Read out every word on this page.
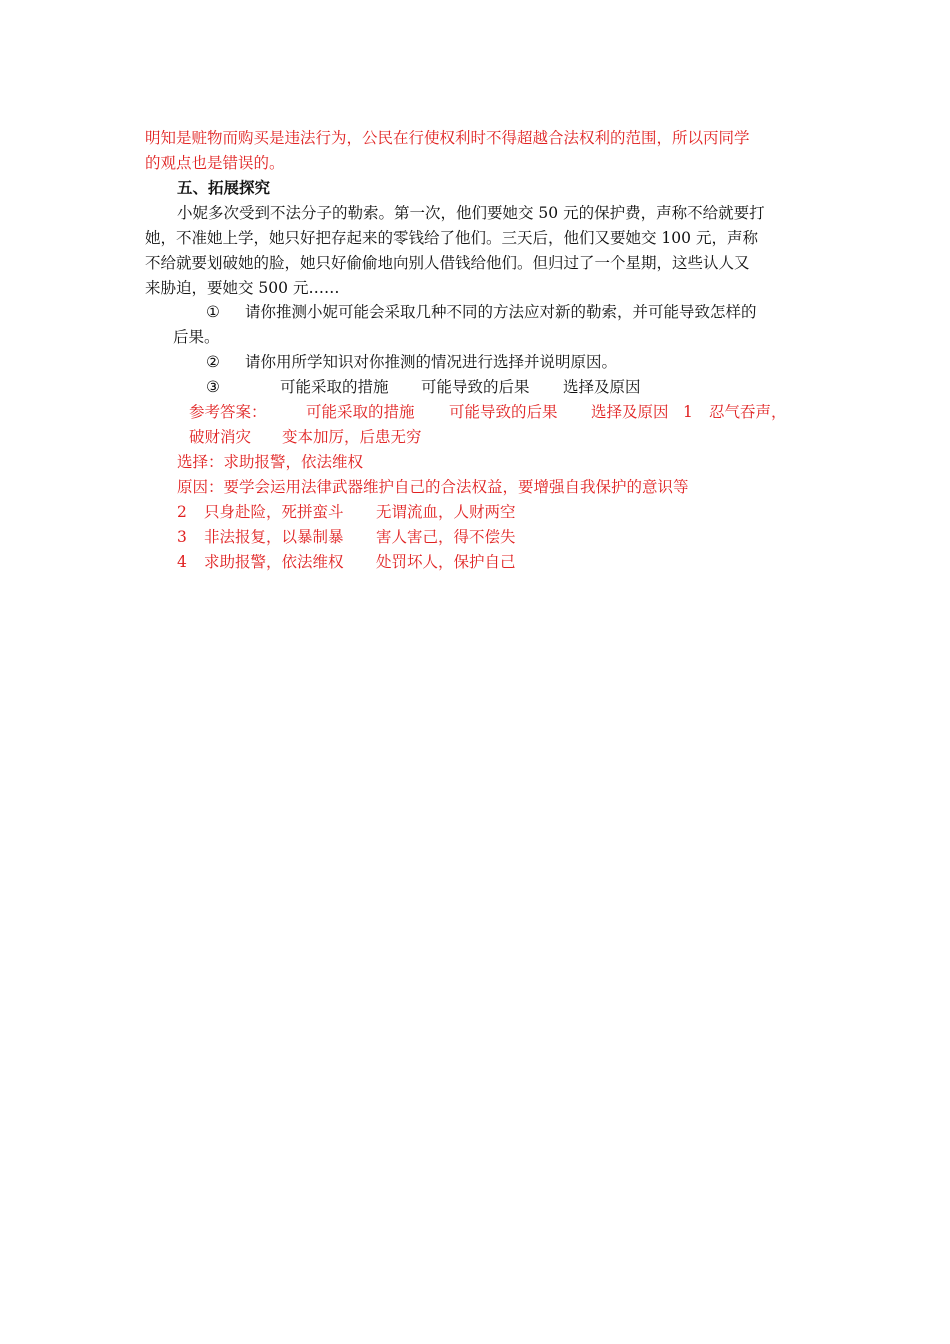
明知是赃物而购买是违法行为，公民在行使权利时不得超越合法权利的范围，所以丙同学
的观点也是错误的。
五、拓展探究
小妮多次受到不法分子的勒索。第一次，他们要她交 50 元的保护费，声称不给就要打
她，不准她上学，她只好把存起来的零钱给了他们。三天后，他们又要她交 100 元，声称
不给就要划破她的脸，她只好偷偷地向别人借钱给他们。但归过了一个星期，这些认人又
来胁迫，要她交 500 元……
① 请你推测小妮可能会采取几种不同的方法应对新的勒索，并可能导致怎样的
后果。
② 请你用所学知识对你推测的情况进行选择并说明原因。
③	可能采取的措施 可能导致的后果 选择及原因
参考答案：	可能采取的措施 可能导致的后果 选择及原因 1 忍气吞声，
破财消灾 变本加厉，后患无穷
选择：求助报警，依法维权
原因：要学会运用法律武器维护自己的合法权益，要增强自我保护的意识等
2 只身赴险，死拼蛮斗 无谓流血，人财两空
3 非法报复，以暴制暴 害人害己，得不偿失
4 求助报警，依法维权 处罚坏人，保护自己
